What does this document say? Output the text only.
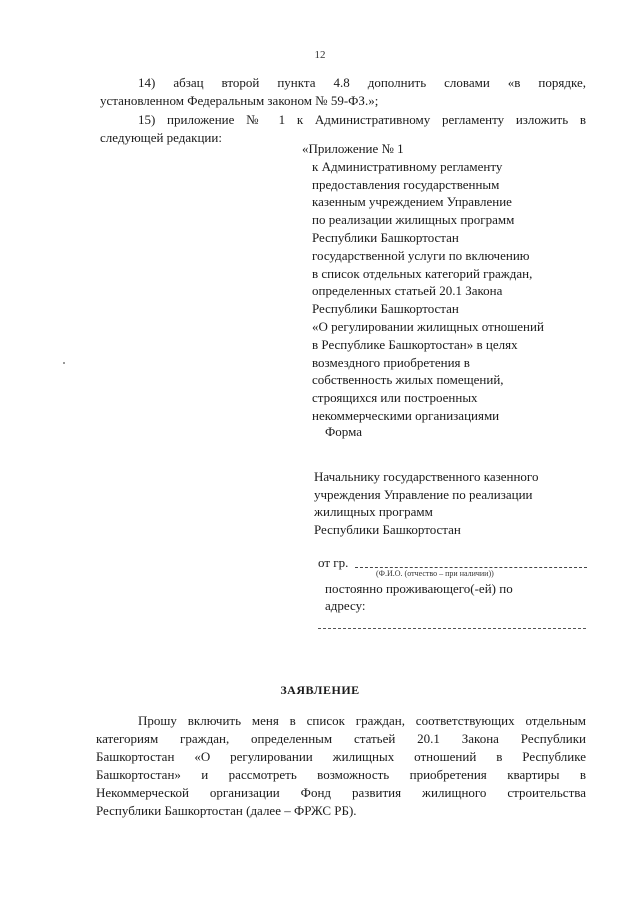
12
14) абзац второй пункта 4.8 дополнить словами «в порядке,
установленном Федеральным законом № 59-ФЗ.»;
15) приложение № 1 к Административному регламенту изложить в
следующей редакции:
«Приложение № 1
к Административному регламенту
предоставления государственным
казенным учреждением Управление
по реализации жилищных программ
Республики Башкортостан
государственной услуги по включению
в список отдельных категорий граждан,
определенных статьей 20.1 Закона
Республики Башкортостан
«О регулировании жилищных отношений
в Республике Башкортостан» в целях
возмездного приобретения в
собственность жилых помещений,
строящихся или построенных
некоммерческими организациями
Форма
Начальнику государственного казенного
учреждения Управление по реализации
жилищных программ
Республики Башкортостан
от гр.
(Ф.И.О. (отчество – при наличии))
постоянно проживающего(-ей) по
адресу:
ЗАЯВЛЕНИЕ
Прошу включить меня в список граждан, соответствующих отдельным
категориям граждан, определенным статьей 20.1 Закона Республики
Башкортостан «О регулировании жилищных отношений в Республике
Башкортостан» и рассмотреть возможность приобретения квартиры в
Некоммерческой организации Фонд развития жилищного строительства
Республики Башкортостан (далее – ФРЖС РБ).
